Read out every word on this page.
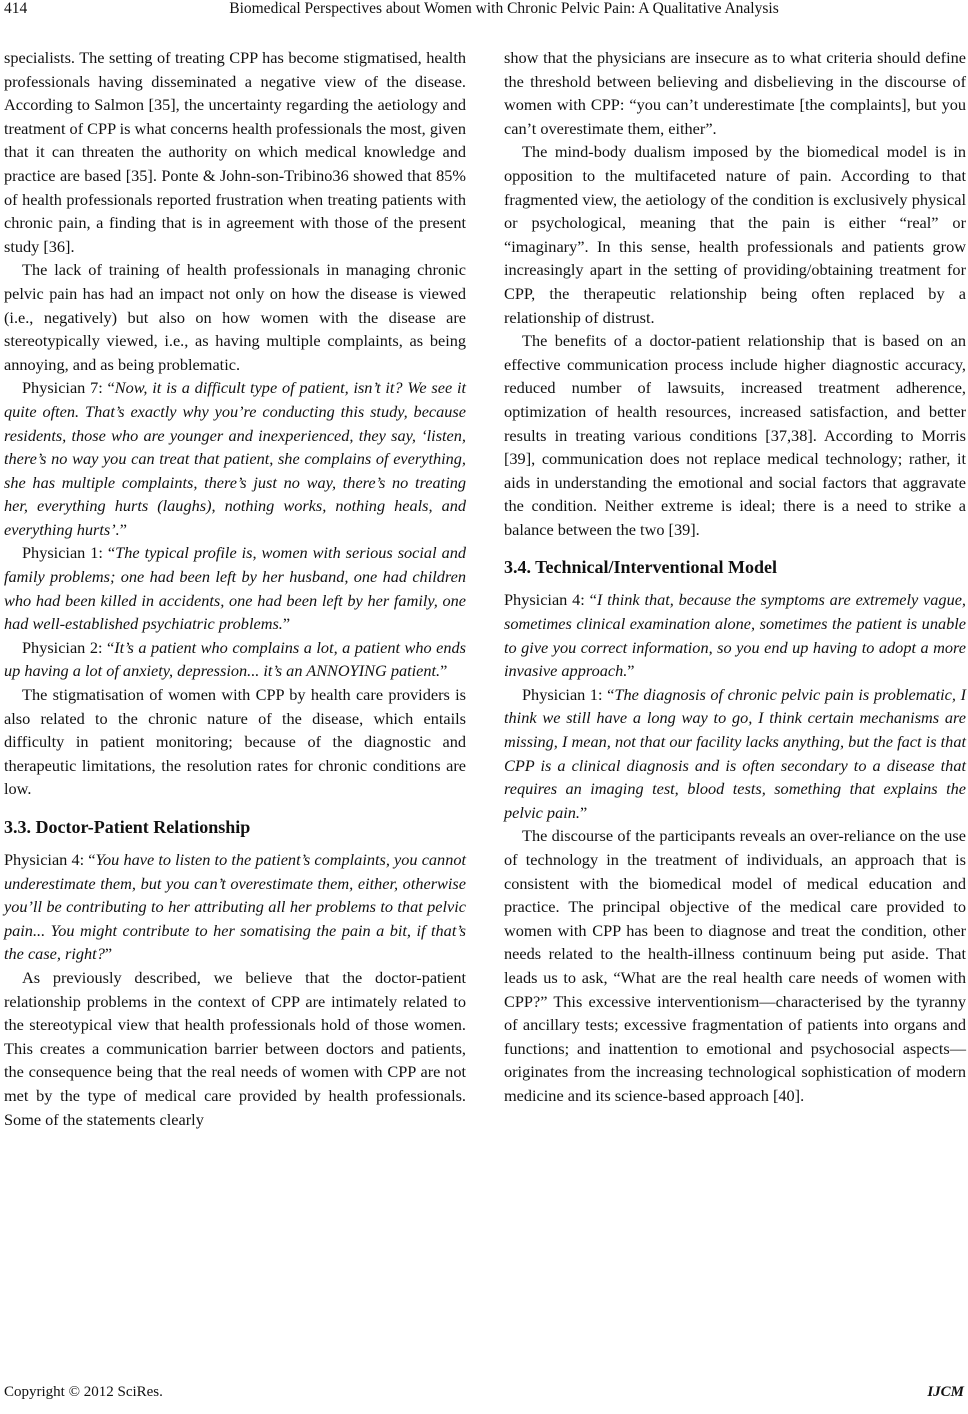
414	Biomedical Perspectives about Women with Chronic Pelvic Pain: A Qualitative Analysis

specialists. The setting of treating CPP has become stigmatised, health professionals having disseminated a negative view of the disease. According to Salmon [35], the uncertainty regarding the aetiology and treatment of CPP is what concerns health professionals the most, given that it can threaten the authority on which medical knowledge and practice are based [35]. Ponte & John-son-Tribino36 showed that 85% of health professionals reported frustration when treating patients with chronic pain, a finding that is in agreement with those of the present study [36].

The lack of training of health professionals in managing chronic pelvic pain has had an impact not only on how the disease is viewed (i.e., negatively) but also on how women with the disease are stereotypically viewed, i.e., as having multiple complaints, as being annoying, and as being problematic.

Physician 7: “Now, it is a difficult type of patient, isn’t it? We see it quite often. That’s exactly why you’re conducting this study, because residents, those who are younger and inexperienced, they say, ‘listen, there’s no way you can treat that patient, she complains of everything, she has multiple complaints, there’s just no way, there’s no treating her, everything hurts (laughs), nothing works, nothing heals, and everything hurts’.”

Physician 1: “The typical profile is, women with serious social and family problems; one had been left by her husband, one had children who had been killed in accidents, one had been left by her family, one had well-established psychiatric problems.”

Physician 2: “It’s a patient who complains a lot, a patient who ends up having a lot of anxiety, depression... it’s an ANNOYING patient.”

The stigmatisation of women with CPP by health care providers is also related to the chronic nature of the disease, which entails difficulty in patient monitoring; because of the diagnostic and therapeutic limitations, the resolution rates for chronic conditions are low.

3.3. Doctor-Patient Relationship

Physician 4: “You have to listen to the patient’s complaints, you cannot underestimate them, but you can’t overestimate them, either, otherwise you’ll be contributing to her attributing all her problems to that pelvic pain... You might contribute to her somatising the pain a bit, if that’s the case, right?”

As previously described, we believe that the doctor-patient relationship problems in the context of CPP are intimately related to the stereotypical view that health professionals hold of those women. This creates a communication barrier between doctors and patients, the consequence being that the real needs of women with CPP are not met by the type of medical care provided by health professionals. Some of the statements clearly

show that the physicians are insecure as to what criteria should define the threshold between believing and disbelieving in the discourse of women with CPP: “you can’t underestimate [the complaints], but you can’t overestimate them, either”.

The mind-body dualism imposed by the biomedical model is in opposition to the multifaceted nature of pain. According to that fragmented view, the aetiology of the condition is exclusively physical or psychological, meaning that the pain is either “real” or “imaginary”. In this sense, health professionals and patients grow increasingly apart in the setting of providing/obtaining treatment for CPP, the therapeutic relationship being often replaced by a relationship of distrust.

The benefits of a doctor-patient relationship that is based on an effective communication process include higher diagnostic accuracy, reduced number of lawsuits, increased treatment adherence, optimization of health resources, increased satisfaction, and better results in treating various conditions [37,38]. According to Morris [39], communication does not replace medical technology; rather, it aids in understanding the emotional and social factors that aggravate the condition. Neither extreme is ideal; there is a need to strike a balance between the two [39].

3.4. Technical/Interventional Model

Physician 4: “I think that, because the symptoms are extremely vague, sometimes clinical examination alone, sometimes the patient is unable to give you correct information, so you end up having to adopt a more invasive approach.”

Physician 1: “The diagnosis of chronic pelvic pain is problematic, I think we still have a long way to go, I think certain mechanisms are missing, I mean, not that our facility lacks anything, but the fact is that CPP is a clinical diagnosis and is often secondary to a disease that requires an imaging test, blood tests, something that explains the pelvic pain.”

The discourse of the participants reveals an over-reliance on the use of technology in the treatment of individuals, an approach that is consistent with the biomedical model of medical education and practice. The principal objective of the medical care provided to women with CPP has been to diagnose and treat the condition, other needs related to the health-illness continuum being put aside. That leads us to ask, “What are the real health care needs of women with CPP?” This excessive interventionism—characterised by the tyranny of ancillary tests; excessive fragmentation of patients into organs and functions; and inattention to emotional and psychosocial aspects—originates from the increasing technological sophistication of modern medicine and its science-based approach [40].

Copyright © 2012 SciRes.	IJCM
